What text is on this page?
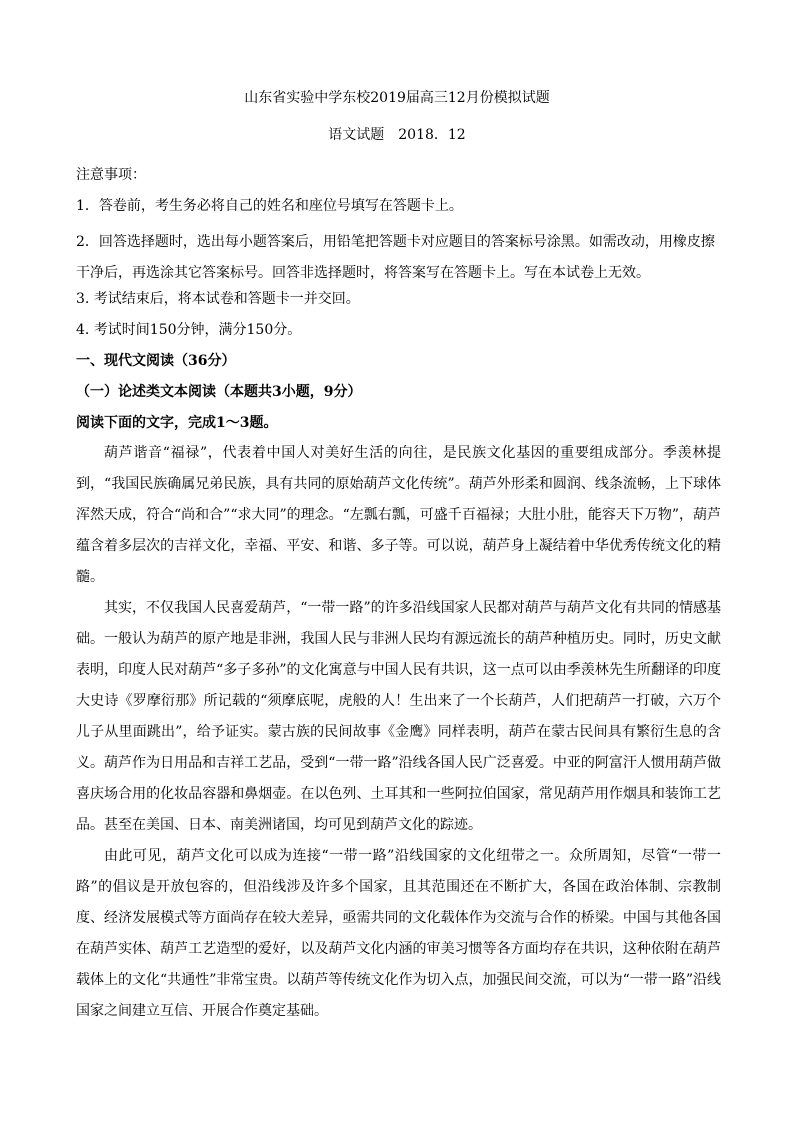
山东省实验中学东校2019届高三12月份模拟试题
语文试题　2018．12
注意事项：
1．答卷前，考生务必将自己的姓名和座位号填写在答题卡上。
2．回答选择题时，选出每小题答案后，用铅笔把答题卡对应题目的答案标号涂黑。如需改动，用橡皮擦干净后，再选涂其它答案标号。回答非选择题时，将答案写在答题卡上。写在本试卷上无效。
3. 考试结束后，将本试卷和答题卡一并交回。
4. 考试时间150分钟，满分150分。
一、现代文阅读（36分）
（一）论述类文本阅读（本题共3小题，9分）
阅读下面的文字，完成1～3题。

葫芦谐音“福禄”，代表着中国人对美好生活的向往，是民族文化基因的重要组成部分。季羡林提到，“我国民族确属兄弟民族，具有共同的原始葫芦文化传统”。葫芦外形柔和圆润、线条流畅，上下球体浑然天成，符合“尚和合”“求大同”的理念。“左瓢右瓢，可盛千百福禄；大肚小肚，能容天下万物”，葫芦蕴含着多层次的吉祥文化，幸福、平安、和谐、多子等。可以说，葫芦身上凝结着中华优秀传统文化的精髓。

其实，不仅我国人民喜爱葫芦，“一带一路”的许多沿线国家人民都对葫芦与葫芦文化有共同的情感基础。一般认为葫芦的原产地是非洲，我国人民与非洲人民均有源远流长的葫芦种植历史。同时，历史文献表明，印度人民对葫芦“多子多孙”的文化寓意与中国人民有共识，这一点可以由季羡林先生所翻译的印度大史诗《罗摩衍那》所记载的“须摩底呢，虎般的人！生出来了一个长葫芦，人们把葫芦一打破，六万个儿子从里面跳出”，给予证实。蒙古族的民间故事《金鹰》同样表明，葫芦在蒙古民间具有繁衍生息的含义。葫芦作为日用品和吉祥工艺品，受到“一带一路”沿线各国人民广泛喜爱。中亚的阿富汗人惯用葫芦做喜庆场合用的化妆品容器和鼻烟壶。在以色列、土耳其和一些阿拉伯国家，常见葫芦用作烟具和装饰工艺品。甚至在美国、日本、南美洲诸国，均可见到葫芦文化的踪迹。

由此可见，葫芦文化可以成为连接“一带一路”沿线国家的文化纽带之一。众所周知，尽管“一带一路”的倡议是开放包容的，但沿线涉及许多个国家，且其范围还在不断扩大，各国在政治体制、宗教制度、经济发展模式等方面尚存在较大差异，亟需共同的文化载体作为交流与合作的桥梁。中国与其他各国在葫芦实体、葫芦工艺造型的爱好，以及葫芦文化内涵的审美习惯等各方面均存在共识，这种依附在葫芦载体上的文化“共通性”非常宝贵。以葫芦等传统文化作为切入点，加强民间交流，可以为“一带一路”沿线国家之间建立互信、开展合作奠定基础。
